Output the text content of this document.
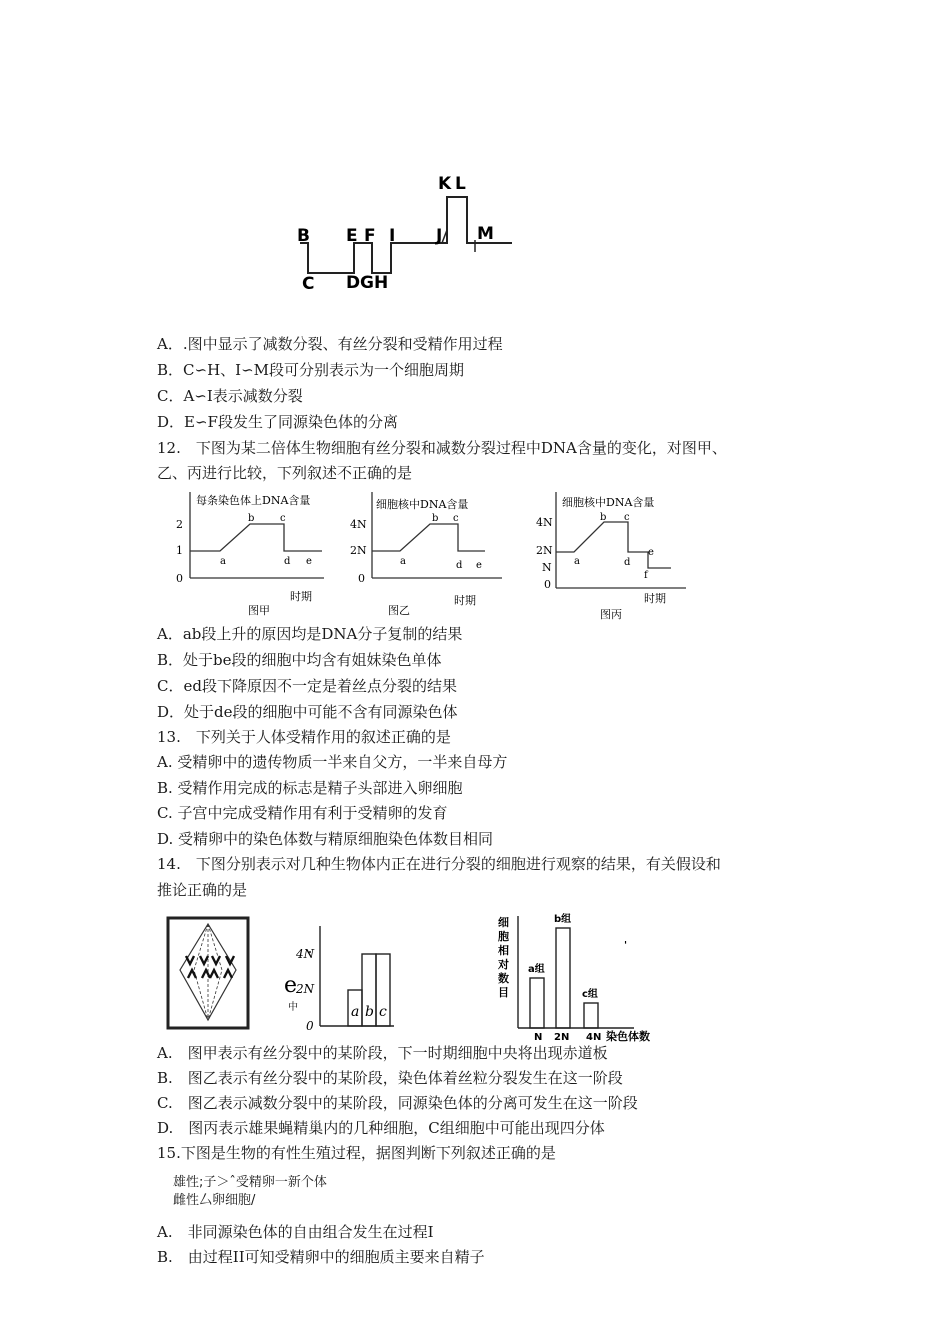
B
C D
E F
G H
I J
K L
M
A．.图中显示了减数分裂、有丝分裂和受精作用过程
B．C∽H、I∽M段可分别表示为一个细胞周期
C．A∽I表示减数分裂
D．E∽F段发生了同源染色体的分离
12.　下图为某二倍体生物细胞有丝分裂和减数分裂过程中DNA含量的变化，对图甲、
乙、丙进行比较，下列叙述不正确的是
每条染色体上DNA含量
2
1
0
a
b	c
d e
时期
图甲
细胞核中DNA含量
4N
2N
0
a
b c
d e
时期
图乙
细胞核中DNA含量
4N
2N
N
0
a
b c
d
e
f
时期
图丙
A．ab段上升的原因均是DNA分子复制的结果
B．处于be段的细胞中均含有姐妹染色单体
C．ed段下降原因不一定是着丝点分裂的结果
D．处于de段的细胞中可能不含有同源染色体
13.　下列关于人体受精作用的叙述正确的是
A. 受精卵中的遗传物质一半来自父方，一半来自母方
B. 受精作用完成的标志是精子头部进入卵细胞
C. 子宫中完成受精作用有利于受精卵的发育
D. 受精卵中的染色体数与精原细胞染色体数目相同
14.　下图分别表示对几种生物体内正在进行分裂的细胞进行观察的结果，有关假设和
推论正确的是
4N
2N
0
e
中	a b c
细
胞
相
对
数
目
a组
b组
c组
N 2N 4N 染色体数
'
A.　图甲表示有丝分裂中的某阶段，下一时期细胞中央将出现赤道板
B.　图乙表示有丝分裂中的某阶段，染色体着丝粒分裂发生在这一阶段
C.　图乙表示减数分裂中的某阶段，同源染色体的分离可发生在这一阶段
D.　图丙表示雄果蝇精巢内的几种细胞，C组细胞中可能出现四分体
15.下图是生物的有性生殖过程，据图判断下列叙述正确的是
雄性;子＞ˆ受精卵一新个体
雌性厶卵细胞/
A.　非同源染色体的自由组合发生在过程I
B.　由过程II可知受精卵中的细胞质主要来自精子
